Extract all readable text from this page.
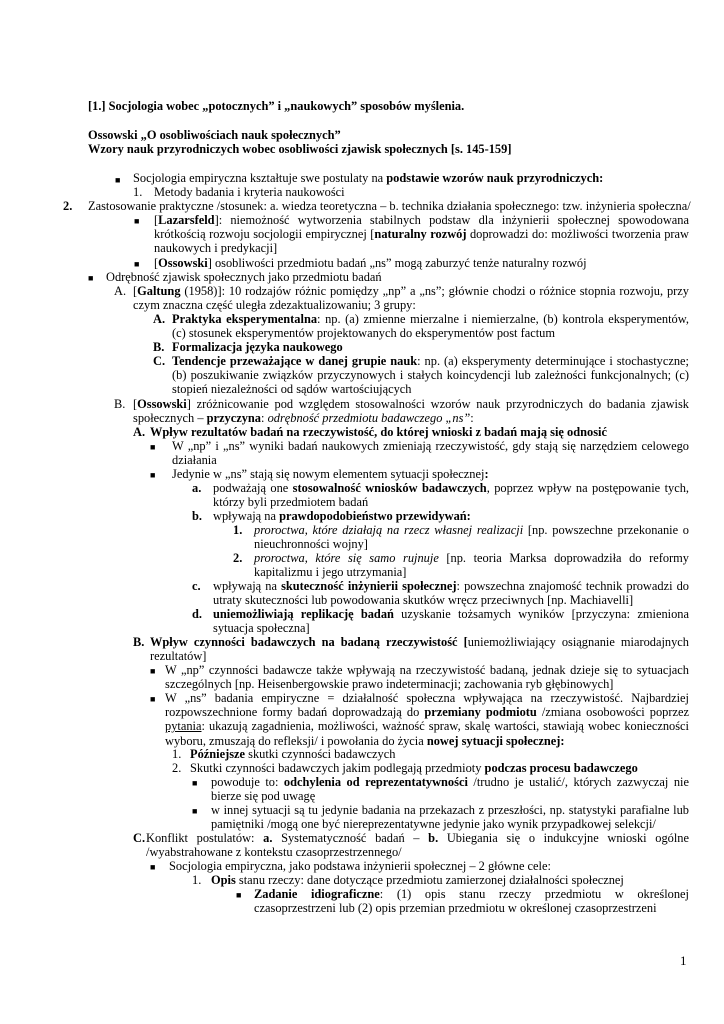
[1.] Socjologia wobec „potocznych” i „naukowych” sposobów myślenia.
Ossowski „O osobliwościach nauk społecznych”
Wzory nauk przyrodniczych wobec osobliwości zjawisk społecznych [s. 145-159]
■ Socjologia empiryczna kształtuje swe postulaty na podstawie wzorów nauk przyrodniczych:
1. Metody badania i kryteria naukowości
2. Zastosowanie praktyczne /stosunek: a. wiedza teoretyczna – b. technika działania społecznego: tzw. inżynieria społeczna/
■ [Lazarsfeld]: niemożność wytworzenia stabilnych podstaw dla inżynierii społecznej spowodowana krótkością rozwoju socjologii empirycznej [naturalny rozwój doprowadzi do: możliwości tworzenia praw naukowych i predykacji]
■ [Ossowski] osobliwości przedmiotu badań „ns” mogą zaburzyć tenże naturalny rozwój
■ Odrębność zjawisk społecznych jako przedmiotu badań
A. [Galtung (1958)]: 10 rodzajów różnic pomiędzy „np” a „ns”; głównie chodzi o różnice stopnia rozwoju, przy czym znaczna część uległa zdezaktualizowaniu; 3 grupy:
A. Praktyka eksperymentalna: np. (a) zmienne mierzalne i niemierzalne, (b) kontrola eksperymentów, (c) stosunek eksperymentów projektowanych do eksperymentów post factum
B. Formalizacja języka naukowego
C. Tendencje przeważające w danej grupie nauk: np. (a) eksperymenty determinujące i stochastyczne; (b) poszukiwanie związków przyczynowych i stałych koincydencji lub zależności funkcjonalnych; (c) stopień niezależności od sądów wartościujących
B. [Ossowski] zróżnicowanie pod względem stosowalności wzorów nauk przyrodniczych do badania zjawisk społecznych – przyczyna: odrębność przedmiotu badawczego „ns”:
A. Wpływ rezultatów badań na rzeczywistość, do której wnioski z badań mają się odnosić
■ W „np” i „ns” wyniki badań naukowych zmieniają rzeczywistość, gdy stają się narzędziem celowego działania
■ Jedynie w „ns” stają się nowym elementem sytuacji społecznej:
a. podważają one stosowalność wniosków badawczych, poprzez wpływ na postępowanie tych, którzy byli przedmiotem badań
b. wpływają na prawdopodobieństwo przewidywań:
1. proroctwa, które działają na rzecz własnej realizacji [np. powszechne przekonanie o nieuchronności wojny]
2. proroctwa, które się samo rujnuje [np. teoria Marksa doprowadziła do reformy kapitalizmu i jego utrzymania]
c. wpływają na skuteczność inżynierii społecznej: powszechna znajomość technik prowadzi do utraty skuteczności lub powodowania skutków wręcz przeciwnych [np. Machiavelli]
d. uniemożliwiają replikację badań uzyskanie tożsamych wyników [przyczyna: zmieniona sytuacja społeczna]
B. Wpływ czynności badawczych na badaną rzeczywistość [uniemożliwiający osiągnanie miarodajnych rezultatów]
■ W „np” czynności badawcze także wpływają na rzeczywistość badaną, jednak dzieje się to sytuacjach szczególnych [np. Heisenbergowskie prawo indeterminacji; zachowania ryb głębinowych]
■ W „ns” badania empiryczne = działalność społeczna wpływająca na rzeczywistość. Najbardziej rozpowszechnione formy badań doprowadzają do przemiany podmiotu /zmiana osobowości poprzez pytania: ukazują zagadnienia, możliwości, ważność spraw, skalę wartości, stawiają wobec konieczności wyboru, zmuszają do refleksji/ i powołania do życia nowej sytuacji społecznej:
1. Późniejsze skutki czynności badawczych
2. Skutki czynności badawczych jakim podlegają przedmioty podczas procesu badawczego
■ powoduje to: odchylenia od reprezentatywności /trudno je ustalić/, których zazwyczaj nie bierze się pod uwagę
■ w innej sytuacji są tu jedynie badania na przekazach z przeszłości, np. statystyki parafialne lub pamiętniki /mogą one być niereprezentatywne jedynie jako wynik przypadkowej selekcji/
C. Konflikt postulatów: a. Systematyczność badań – b. Ubiegania się o indukcyjne wnioski ogólne /wyabstrahowane z kontekstu czasoprzestrzennego/
■ Socjologia empiryczna, jako podstawa inżynierii społecznej – 2 główne cele:
1. Opis stanu rzeczy: dane dotyczące przedmiotu zamierzonej działalności społecznej
■ Zadanie idiograficzne: (1) opis stanu rzeczy przedmiotu w określonej czasoprzestrzeni lub (2) opis przemian przedmiotu w określonej czasoprzestrzeni
1
